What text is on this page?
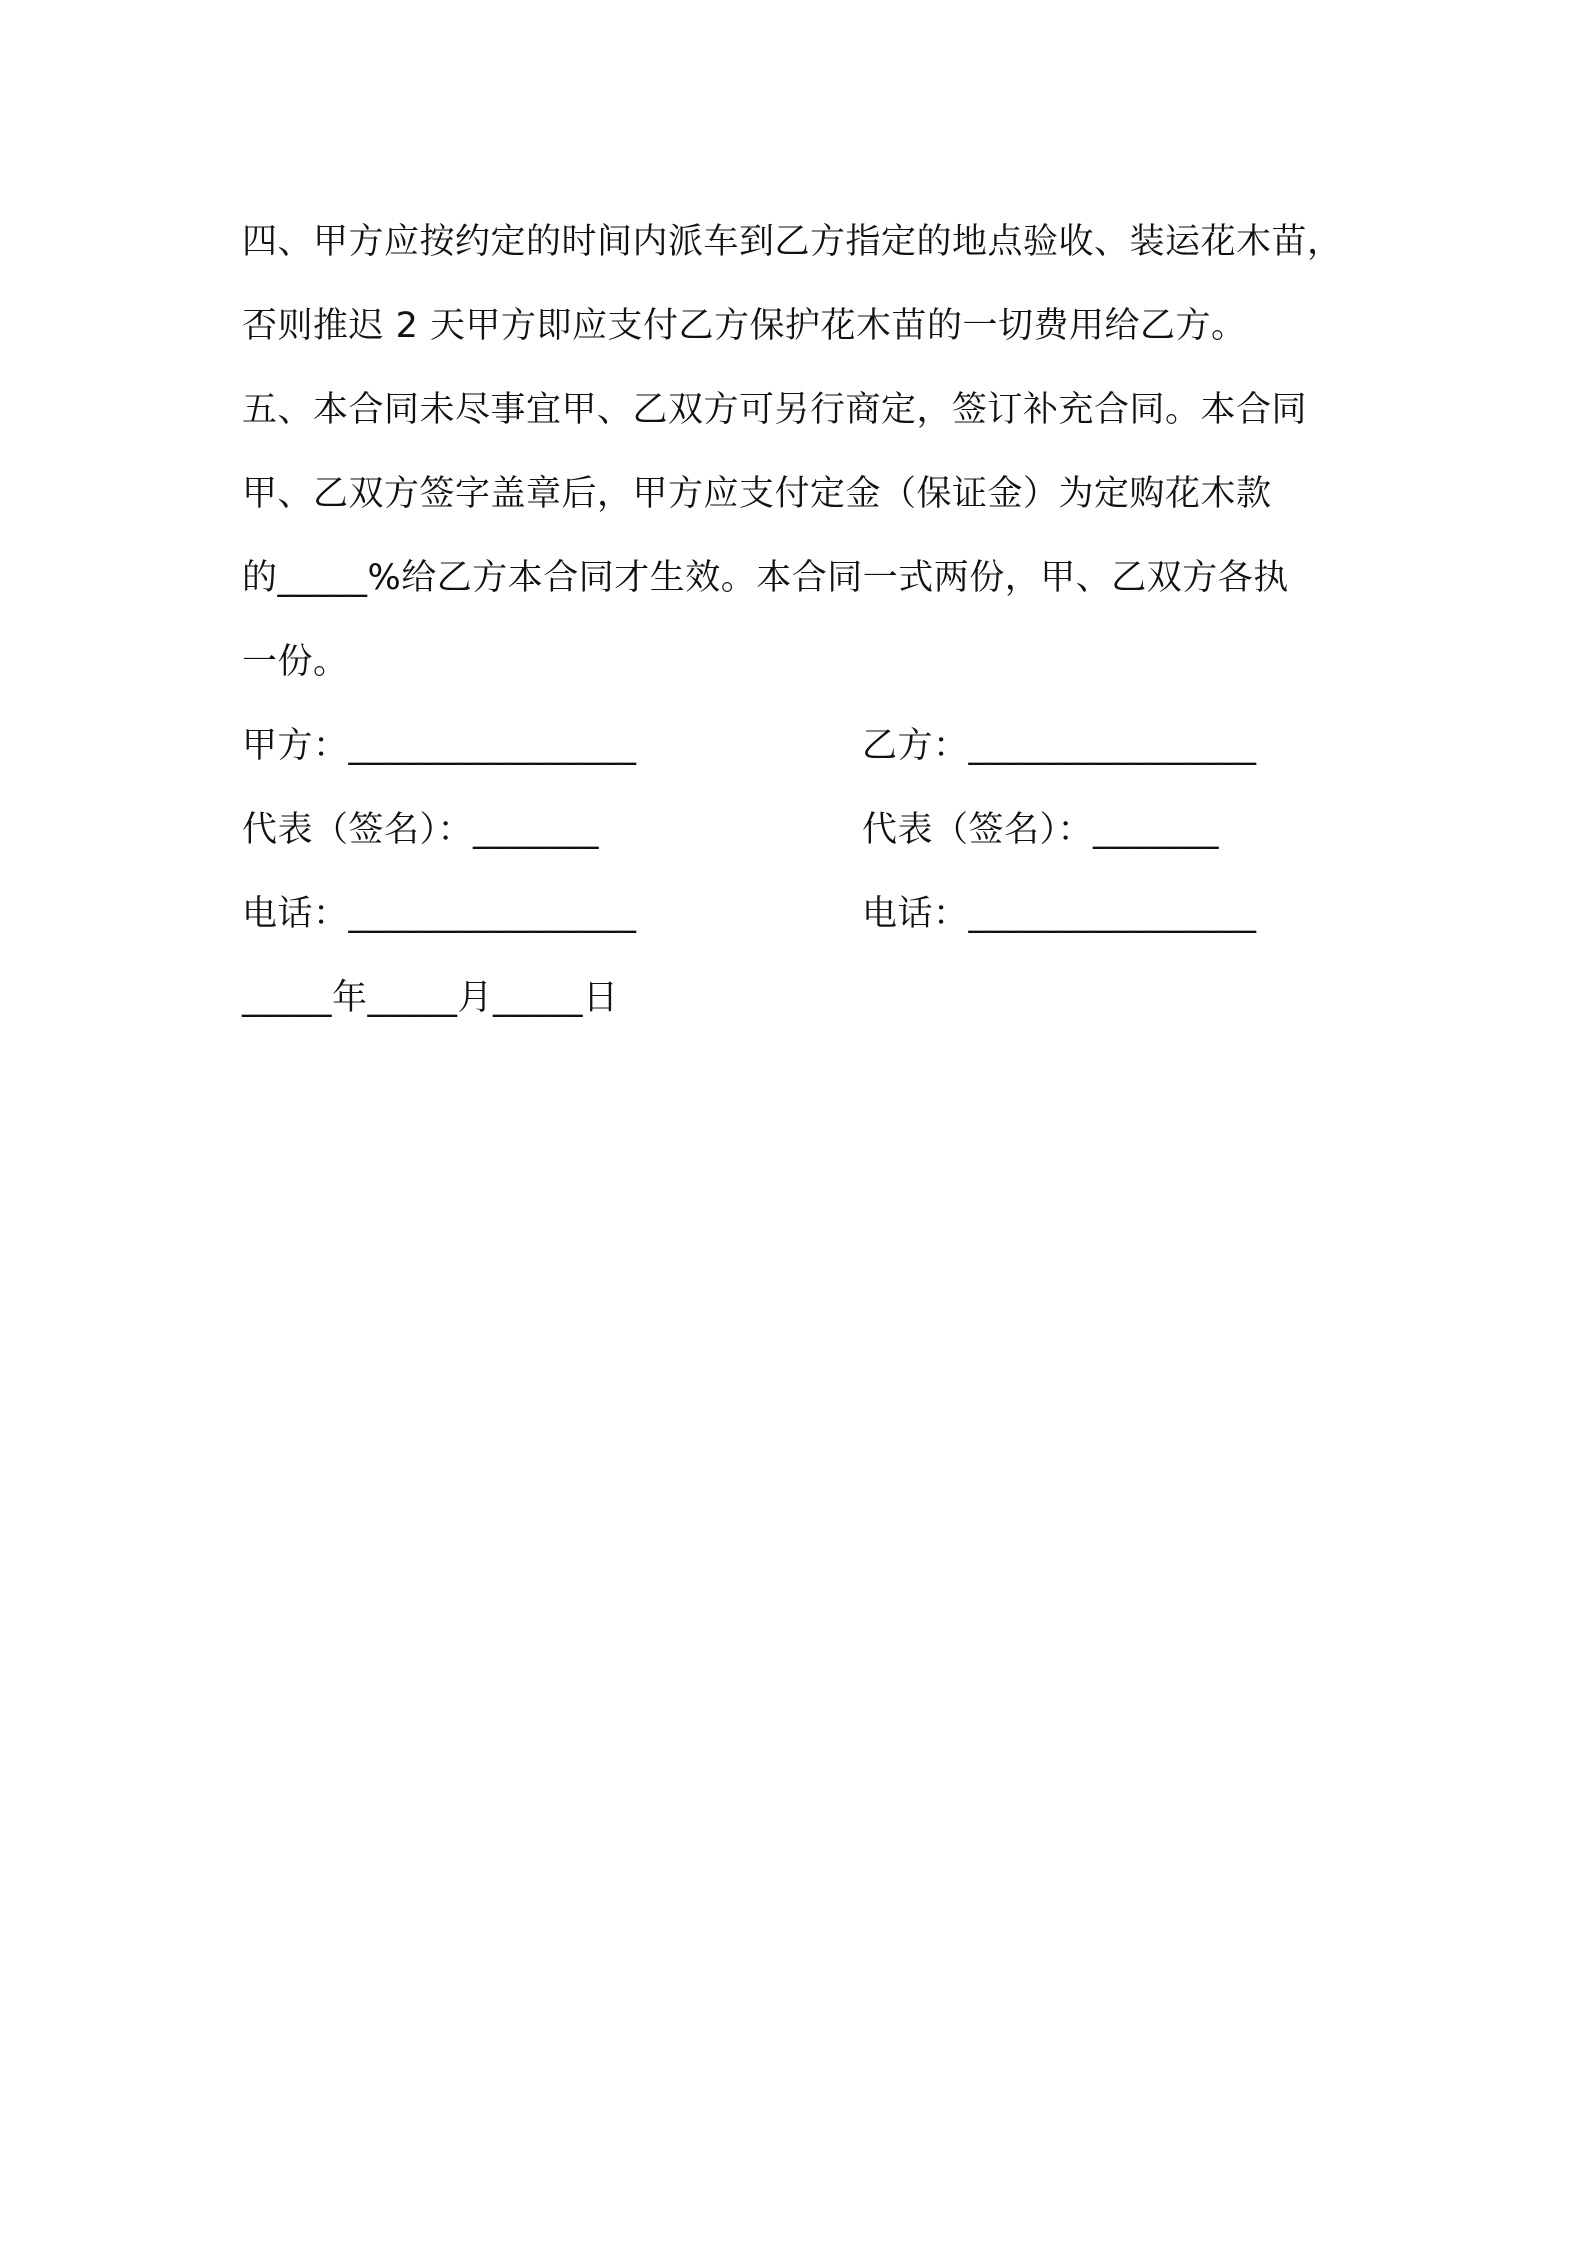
四、甲方应按约定的时间内派车到乙方指定的地点验收、装运花木苗，
否则推迟 2 天甲方即应支付乙方保护花木苗的一切费用给乙方。
五、本合同未尽事宜甲、乙双方可另行商定，签订补充合同。本合同
甲、乙双方签字盖章后，甲方应支付定金（保证金）为定购花木款
的_____%给乙方本合同才生效。本合同一式两份，甲、乙双方各执
一份。
甲方：________________	乙方：________________
代表（签名）：_______	代表（签名）：_______
电话：________________	电话：________________
_____年_____月_____日
